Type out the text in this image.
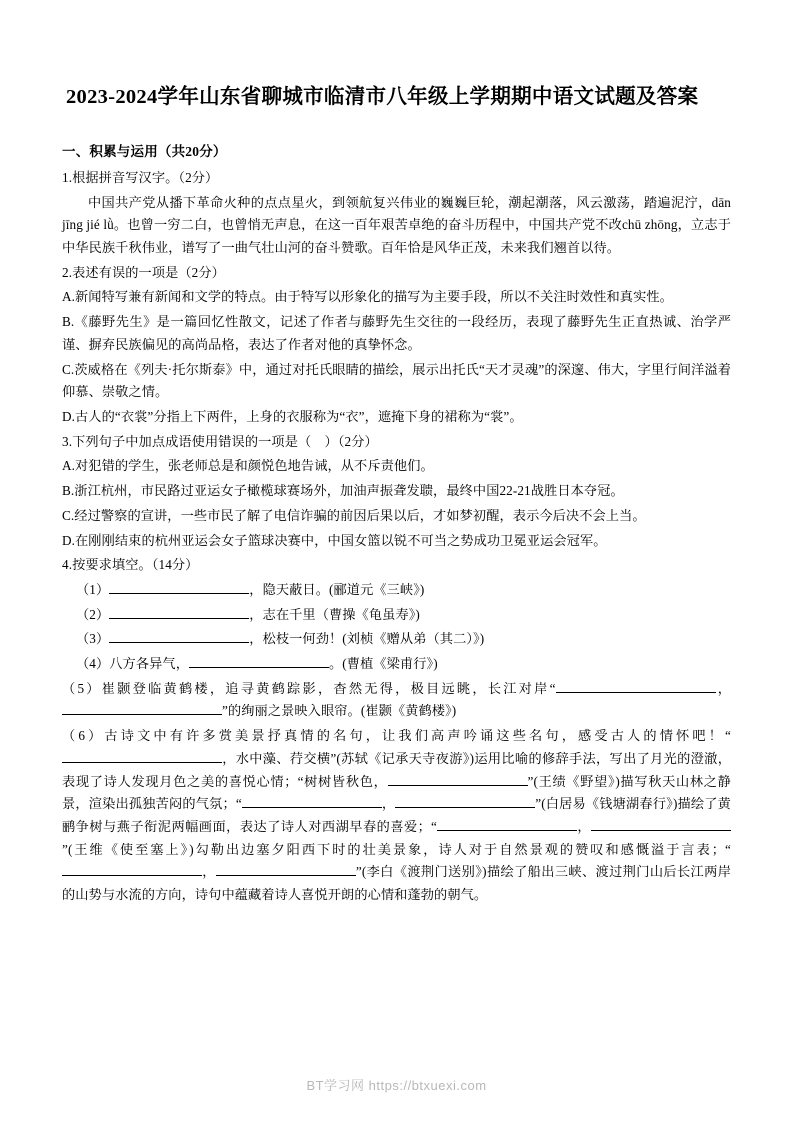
2023-2024学年山东省聊城市临清市八年级上学期期中语文试题及答案
一、积累与运用（共20分）

1.根据拼音写汉字。（2分）

中国共产党从播下革命火种的点点星火，到领航复兴伟业的巍巍巨轮，潮起潮落，风云激荡，踏遍泥泞，dān jīng jié lǜ。也曾一穷二白，也曾悄无声息，在这一百年艰苦卓绝的奋斗历程中，中国共产党不改chū zhōng，立志于中华民族千秋伟业，谱写了一曲气壮山河的奋斗赞歌。百年恰是风华正茂，未来我们翘首以待。

2.表述有误的一项是（2分）

A.新闻特写兼有新闻和文学的特点。由于特写以形象化的描写为主要手段，所以不关注时效性和真实性。

B.《藤野先生》是一篇回忆性散文，记述了作者与藤野先生交往的一段经历，表现了藤野先生正直热诚、治学严谨、摒弃民族偏见的高尚品格，表达了作者对他的真挚怀念。

C.茨威格在《列夫·托尔斯泰》中，通过对托氏眼睛的描绘，展示出托氏“天才灵魂”的深邃、伟大，字里行间洋溢着仰慕、崇敬之情。

D.古人的“衣裳”分指上下两件，上身的衣服称为“衣”，遮掩下身的裙称为“裳”。

3.下列句子中加点成语使用错误的一项是（　）（2分）

A.对犯错的学生，张老师总是和颜悦色地告诫，从不斥责他们。

B.浙江杭州，市民路过亚运女子橄榄球赛场外，加油声振聋发聩，最终中国22-21战胜日本夺冠。

C.经过警察的宣讲，一些市民了解了电信诈骗的前因后果以后，才如梦初醒，表示今后决不会上当。

D.在刚刚结束的杭州亚运会女子篮球决赛中，中国女篮以锐不可当之势成功卫冕亚运会冠军。

4.按要求填空。（14分）

（1）	，隐天蔽日。(郦道元《三峡》)

（2）	，志在千里（曹操《龟虽寿》)

（3）	，松枝一何劲！(刘桢《赠从弟（其二）》)

（4）八方各异气，	。(曹植《梁甫行》)

（5）崔颢登临黄鹤楼，追寻黄鹤踪影，杳然无得，极目远眺，长江对岸“	，”的绚丽之景映入眼帘。(崔颢《黄鹤楼》)

（6）古诗文中有许多赏美景抒真情的名句，让我们高声吟诵这些名句，感受古人的情怀吧！“，水中藻、荇交横”(苏轼《记承天寺夜游》)运用比喻的修辞手法，写出了月光的澄澈，表现了诗人发现月色之美的喜悦心情；“树树皆秋色，	”(王绩《野望》)描写秋天山林之静景，渲染出孤独苦闷的气氛；“	，	”(白居易《钱塘湖春行》)描绘了黄鹂争树与燕子衔泥两幅画面，表达了诗人对西湖早春的喜爱；“	，”(王维《使至塞上》)勾勒出边塞夕阳西下时的壮美景象，诗人对于自然景观的赞叹和感慨溢于言表；“，	”(李白《渡荆门送别》)描绘了船出三峡、渡过荆门山后长江两岸的山势与水流的方向，诗句中蕴藏着诗人喜悦开朗的心情和蓬勃的朝气。

BT学习网 https://btxuexi.com
